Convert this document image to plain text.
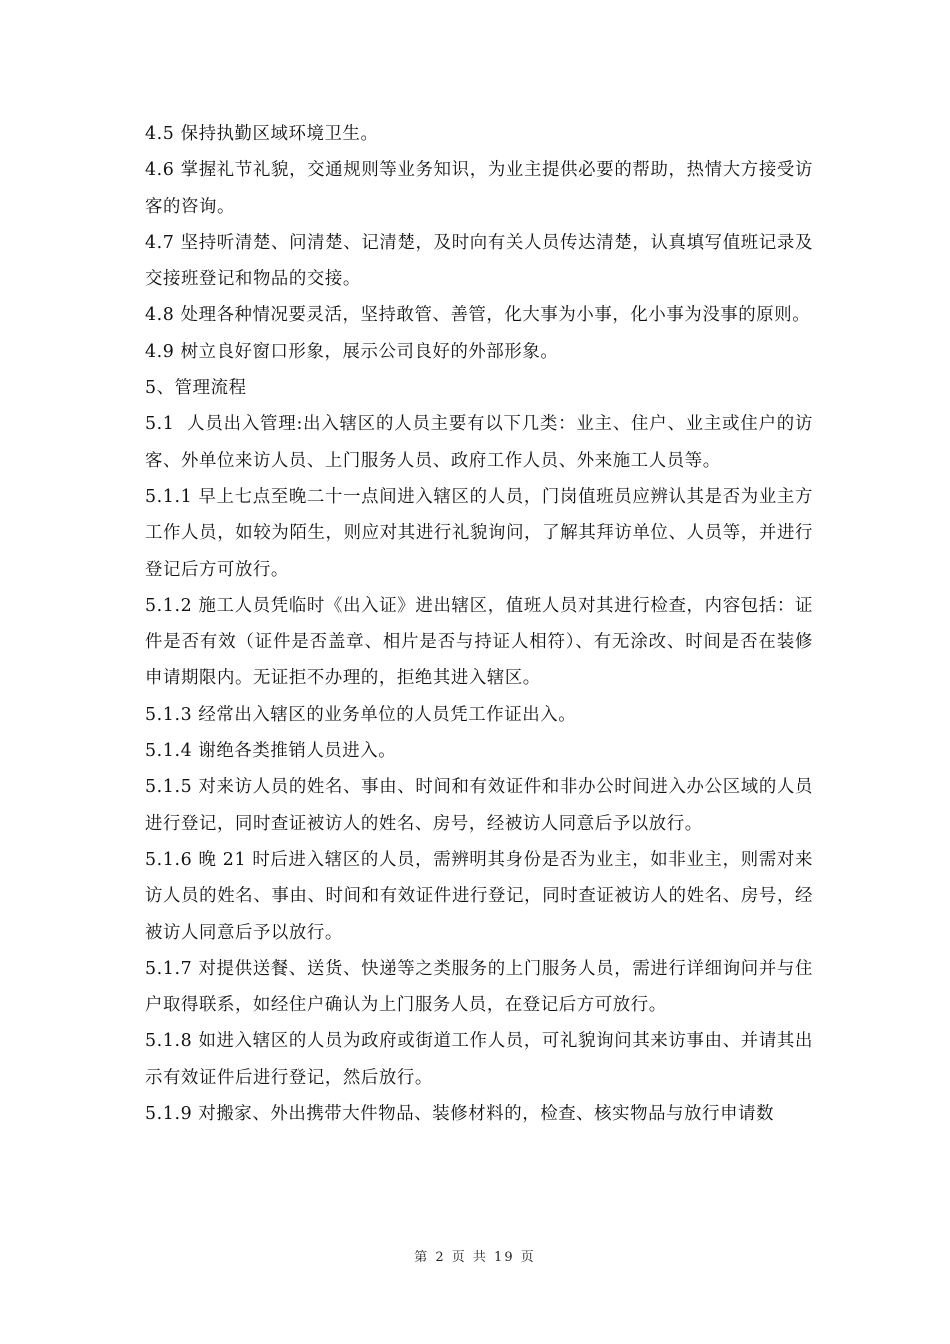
4.5 保持执勤区域环境卫生。

4.6 掌握礼节礼貌，交通规则等业务知识，为业主提供必要的帮助，热情大方接受访客的咨询。

4.7 坚持听清楚、问清楚、记清楚，及时向有关人员传达清楚，认真填写值班记录及交接班登记和物品的交接。

4.8 处理各种情况要灵活，坚持敢管、善管，化大事为小事，化小事为没事的原则。

4.9 树立良好窗口形象，展示公司良好的外部形象。

5、管理流程

5.1  人员出入管理:出入辖区的人员主要有以下几类：业主、住户、业主或住户的访客、外单位来访人员、上门服务人员、政府工作人员、外来施工人员等。

5.1.1 早上七点至晚二十一点间进入辖区的人员，门岗值班员应辨认其是否为业主方工作人员，如较为陌生，则应对其进行礼貌询问，了解其拜访单位、人员等，并进行登记后方可放行。

5.1.2 施工人员凭临时《出入证》进出辖区，值班人员对其进行检查，内容包括：证件是否有效（证件是否盖章、相片是否与持证人相符）、有无涂改、时间是否在装修申请期限内。无证拒不办理的，拒绝其进入辖区。

5.1.3 经常出入辖区的业务单位的人员凭工作证出入。

5.1.4 谢绝各类推销人员进入。

5.1.5 对来访人员的姓名、事由、时间和有效证件和非办公时间进入办公区域的人员进行登记，同时查证被访人的姓名、房号，经被访人同意后予以放行。

5.1.6 晚 21 时后进入辖区的人员，需辨明其身份是否为业主，如非业主，则需对来访人员的姓名、事由、时间和有效证件进行登记，同时查证被访人的姓名、房号，经被访人同意后予以放行。

5.1.7 对提供送餐、送货、快递等之类服务的上门服务人员，需进行详细询问并与住户取得联系，如经住户确认为上门服务人员，在登记后方可放行。

5.1.8 如进入辖区的人员为政府或街道工作人员，可礼貌询问其来访事由、并请其出示有效证件后进行登记，然后放行。

5.1.9 对搬家、外出携带大件物品、装修材料的，检查、核实物品与放行申请数

第 2 页 共 19 页
